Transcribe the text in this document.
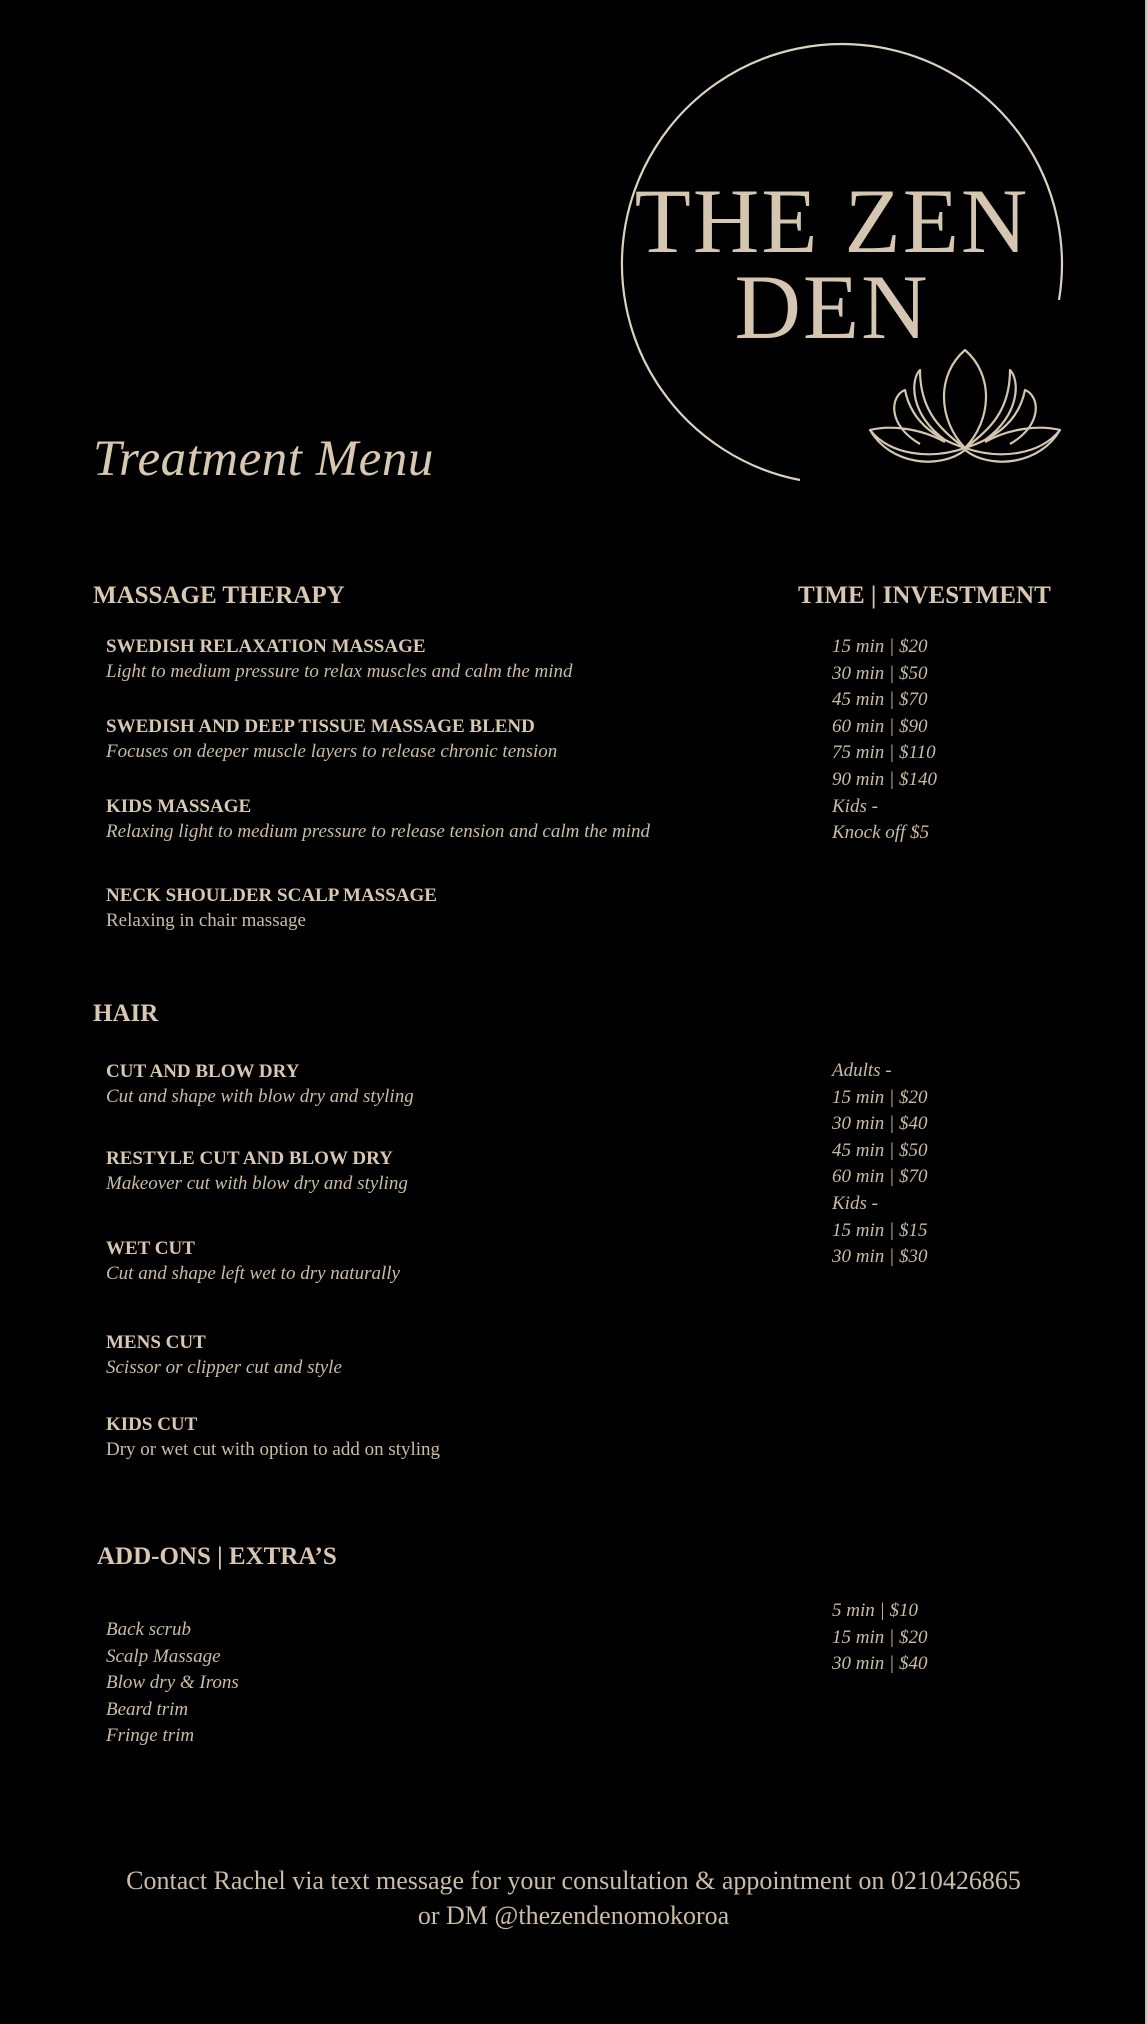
THE ZEN
DEN
Treatment Menu
MASSAGE THERAPY	TIME | INVESTMENT
SWEDISH RELAXATION MASSAGE
Light to medium pressure to relax muscles and calm the mind
SWEDISH AND DEEP TISSUE MASSAGE BLEND
Focuses on deeper muscle layers to release chronic tension
KIDS MASSAGE
Relaxing light to medium pressure to release tension and calm the mind
NECK SHOULDER SCALP MASSAGE
Relaxing in chair massage
15 min | $20
30 min | $50
45 min | $70
60 min | $90
75 min | $110
90 min | $140
Kids -
Knock off $5
HAIR
CUT AND BLOW DRY
Cut and shape with blow dry and styling
RESTYLE CUT AND BLOW DRY
Makeover cut with blow dry and styling
WET CUT
Cut and shape left wet to dry naturally
MENS CUT
Scissor or clipper cut and style
KIDS CUT
Dry or wet cut with option to add on styling
Adults -
15 min | $20
30 min | $40
45 min | $50
60 min | $70
Kids -
15 min | $15
30 min | $30
ADD-ONS | EXTRA’S
Back scrub
Scalp Massage
Blow dry & Irons
Beard trim
Fringe trim
5 min | $10
15 min | $20
30 min | $40
Contact Rachel via text message for your consultation & appointment on 0210426865
or DM @thezendenomokoroa
